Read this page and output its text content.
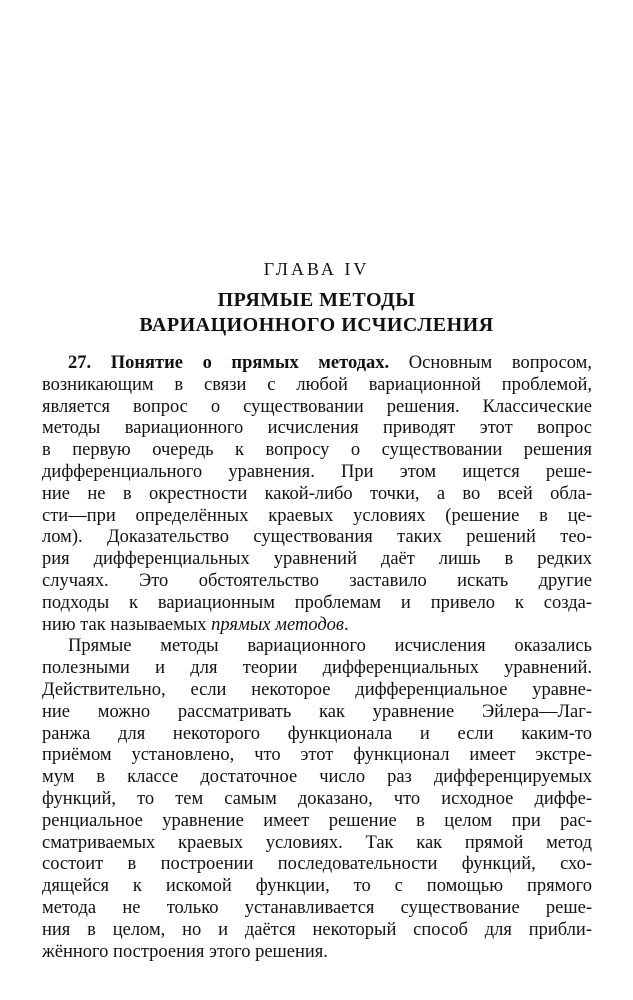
ГЛАВА IV
ПРЯМЫЕ МЕТОДЫ
ВАРИАЦИОННОГО ИСЧИСЛЕНИЯ
27. Понятие о прямых методах. Основным вопросом,
возникающим в связи с любой вариационной проблемой,
является вопрос о существовании решения. Классические
методы вариационного исчисления приводят этот вопрос
в первую очередь к вопросу о существовании решения
дифференциального уравнения. При этом ищется реше-
ние не в окрестности какой-либо точки, а во всей обла-
сти—при определённых краевых условиях (решение в це-
лом). Доказательство существования таких решений тео-
рия дифференциальных уравнений даёт лишь в редких
случаях. Это обстоятельство заставило искать другие
подходы к вариационным проблемам и привело к созда-
нию так называемых прямых методов.
Прямые методы вариационного исчисления оказались
полезными и для теории дифференциальных уравнений.
Действительно, если некоторое дифференциальное уравне-
ние можно рассматривать как уравнение Эйлера—Лаг-
ранжа для некоторого функционала и если каким-то
приёмом установлено, что этот функционал имеет экстре-
мум в классе достаточное число раз дифференцируемых
функций, то тем самым доказано, что исходное диффе-
ренциальное уравнение имеет решение в целом при рас-
сматриваемых краевых условиях. Так как прямой метод
состоит в построении последовательности функций, схо-
дящейся к искомой функции, то с помощью прямого
метода не только устанавливается существование реше-
ния в целом, но и даётся некоторый способ для прибли-
жённого построения этого решения.
